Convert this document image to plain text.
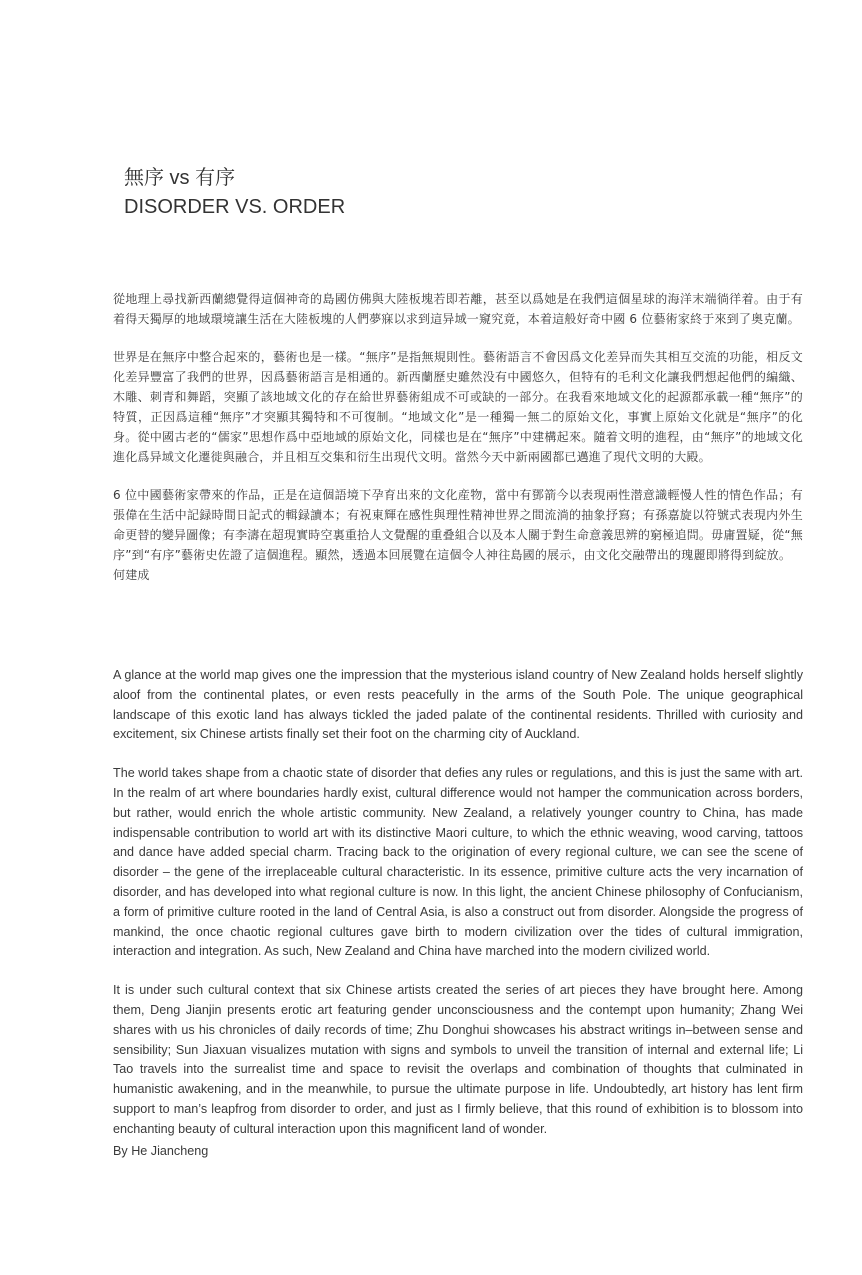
無序 vs 有序
DISORDER VS. ORDER

從地理上尋找新西蘭總覺得這個神奇的島國仿佛與大陸板塊若即若離，甚至以爲她是在我們這個星球的海洋末端徜徉着。由于有着得天獨厚的地域環境讓生活在大陸板塊的人們夢寐以求到這异域一窺究竟，本着這般好奇中國 6 位藝術家終于來到了奥克蘭。

世界是在無序中整合起來的，藝術也是一樣。“無序”是指無規則性。藝術語言不會因爲文化差异而失其相互交流的功能，相反文化差异豐富了我們的世界，因爲藝術語言是相通的。新西蘭歷史雖然没有中國悠久，但特有的毛利文化讓我們想起他們的編織、木雕、刺青和舞蹈，突顯了該地域文化的存在給世界藝術組成不可或缺的一部分。在我看來地域文化的起源都承載一種“無序”的特質，正因爲這種“無序”才突顯其獨特和不可復制。“地域文化”是一種獨一無二的原始文化，事實上原始文化就是“無序”的化身。從中國古老的“儒家”思想作爲中亞地域的原始文化，同樣也是在“無序”中建構起來。隨着文明的進程，由“無序”的地域文化進化爲异域文化遷徙與融合，并且相互交集和衍生出現代文明。當然今天中新兩國都已邁進了現代文明的大殿。

6 位中國藝術家帶來的作品，正是在這個語境下孕育出來的文化産物，當中有鄧箭今以表現兩性潜意識輕慢人性的情色作品；有張偉在生活中記録時間日記式的輯録讀本；有祝東輝在感性與理性精神世界之間流淌的抽象抒寫；有孫嘉旋以符號式表現内外生命更替的變异圖像；有李濤在超現實時空裏重拾人文覺醒的重叠組合以及本人關于對生命意義思辨的窮極追問。毋庸置疑，從“無序”到“有序”藝術史佐證了這個進程。顯然，透過本回展覽在這個令人神往島國的展示，由文化交融帶出的瑰麗即將得到綻放。

何建成

A glance at the world map gives one the impression that the mysterious island country of New Zealand holds herself slightly aloof from the continental plates, or even rests peacefully in the arms of the South Pole. The unique geographical landscape of this exotic land has always tickled the jaded palate of the continental residents. Thrilled with curiosity and excitement, six Chinese artists finally set their foot on the charming city of Auckland.

The world takes shape from a chaotic state of disorder that defies any rules or regulations, and this is just the same with art. In the realm of art where boundaries hardly exist, cultural difference would not hamper the communication across borders, but rather, would enrich the whole artistic community. New Zealand, a relatively younger country to China, has made indispensable contribution to world art with its distinctive Maori culture, to which the ethnic weaving, wood carving, tattoos and dance have added special charm. Tracing back to the origination of every regional culture, we can see the scene of disorder – the gene of the irreplaceable cultural characteristic. In its essence, primitive culture acts the very incarnation of disorder, and has developed into what regional culture is now. In this light, the ancient Chinese philosophy of Confucianism, a form of primitive culture rooted in the land of Central Asia, is also a construct out from disorder. Alongside the progress of mankind, the once chaotic regional cultures gave birth to modern civilization over the tides of cultural immigration, interaction and integration. As such, New Zealand and China have marched into the modern civilized world.

It is under such cultural context that six Chinese artists created the series of art pieces they have brought here. Among them, Deng Jianjin presents erotic art featuring gender unconsciousness and the contempt upon humanity; Zhang Wei shares with us his chronicles of daily records of time; Zhu Donghui showcases his abstract writings in–between sense and sensibility; Sun Jiaxuan visualizes mutation with signs and symbols to unveil the transition of internal and external life; Li Tao travels into the surrealist time and space to revisit the overlaps and combination of thoughts that culminated in humanistic awakening, and in the meanwhile, to pursue the ultimate purpose in life. Undoubtedly, art history has lent firm support to man’s leapfrog from disorder to order, and just as I firmly believe, that this round of exhibition is to blossom into enchanting beauty of cultural interaction upon this magnificent land of wonder.

By He Jiancheng
